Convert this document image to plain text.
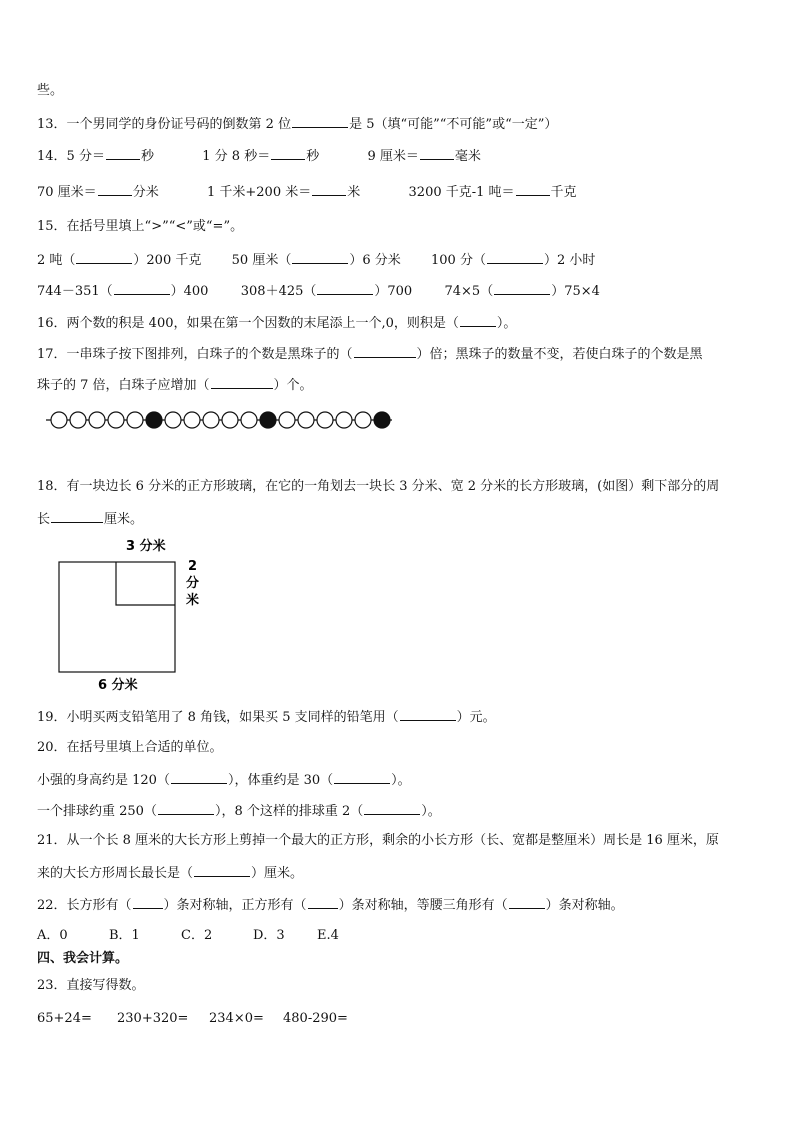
些。
13．一个男同学的身份证号码的倒数第 2 位	是 5（填“可能”“不可能”或“一定”）
14．5 分＝	秒	1 分 8 秒＝	秒	9 厘米＝	毫米
70 厘米＝	分米	1 千米+200 米＝	米	3200 千克-1 吨＝	千克
15．在括号里填上“>”“<”或“=”。
2 吨（	）200 千克 50 厘米（	）6 分米 100 分（	）2 小时
744－351（	）400 308＋425（	）700 74×5（	）75×4
16．两个数的积是 400，如果在第一个因数的末尾添上一个,0，则积是（	）。
17．一串珠子按下图排列，白珠子的个数是黑珠子的（	）倍；黑珠子的数量不变，若使白珠子的个数是黑
珠子的 7 倍，白珠子应增加（	）个。
18．有一块边长 6 分米的正方形玻璃，在它的一角划去一块长 3 分米、宽 2 分米的长方形玻璃，(如图）剩下部分的周
长	厘米。
3 分米
2
分
米
6 分米
19．小明买两支铅笔用了 8 角钱，如果买 5 支同样的铅笔用（	）元。
20．在括号里填上合适的单位。
小强的身高约是 120（	），体重约是 30（	）。
一个排球约重 250（	），8 个这样的排球重 2（	）。
21．从一个长 8 厘米的大长方形上剪掉一个最大的正方形，剩余的小长方形（长、宽都是整厘米）周长是 16 厘米，原
来的大长方形周长最长是（	）厘米。
22．长方形有（ ）条对称轴，正方形有（ ）条对称轴，等腰三角形有（	）条对称轴。
A．0	B．1	C．2	D．3 E.4
四、我会计算。
23．直接写得数。
65+24= 230+320= 234×0= 480-290=
